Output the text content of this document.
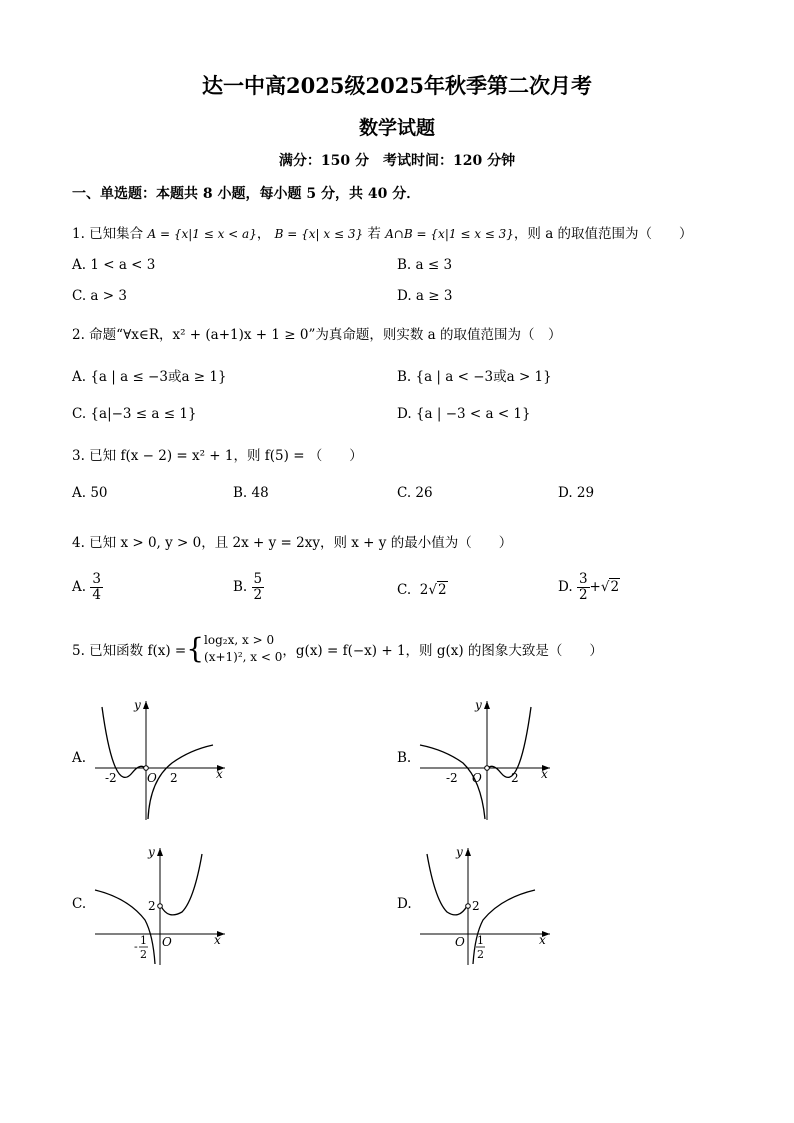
达一中高2025级2025年秋季第二次月考
数学试题
满分：150 分　考试时间：120 分钟
一、单选题：本题共 8 小题，每小题 5 分，共 40 分．
1. 已知集合 A = {x|1 ≤ x < a}， B = {x| x ≤ 3} 若 A∩B = {x|1 ≤ x ≤ 3}，则 a 的取值范围为（　　）
A. 1 < a < 3	B. a ≤ 3
C. a > 3	D. a ≥ 3
2. 命题“∀x∈R，x² + (a+1)x + 1 ≥ 0”为真命题，则实数 a 的取值范围为（　）
A. {a | a ≤ −3或a ≥ 1}	B. {a | a < −3或a > 1}
C. {a|−3 ≤ a ≤ 1}	D. {a | −3 < a < 1}
3. 已知 f(x − 2) = x² + 1，则 f(5) = （　　）
A. 50	B. 48	C. 26	D. 29
4. 已知 x > 0, y > 0，且 2x + y = 2xy，则 x + y 的最小值为（　　）
A. $\frac{3}{4}$	B. $\frac{5}{2}$	C. 2√2	D. $\frac{3}{2} +√2$
5. 已知函数 f(x) ={ log₂x, x > 0
(x+1)², x < 0 ，g(x) = f(−x) + 1，则 g(x) 的图象大致是（　　）
A.	B.
C.	D.
x
y
O
-2	2	x
y
O
-2	2
x
y
2
O
- 1
2
x
y
2
O 1
2
